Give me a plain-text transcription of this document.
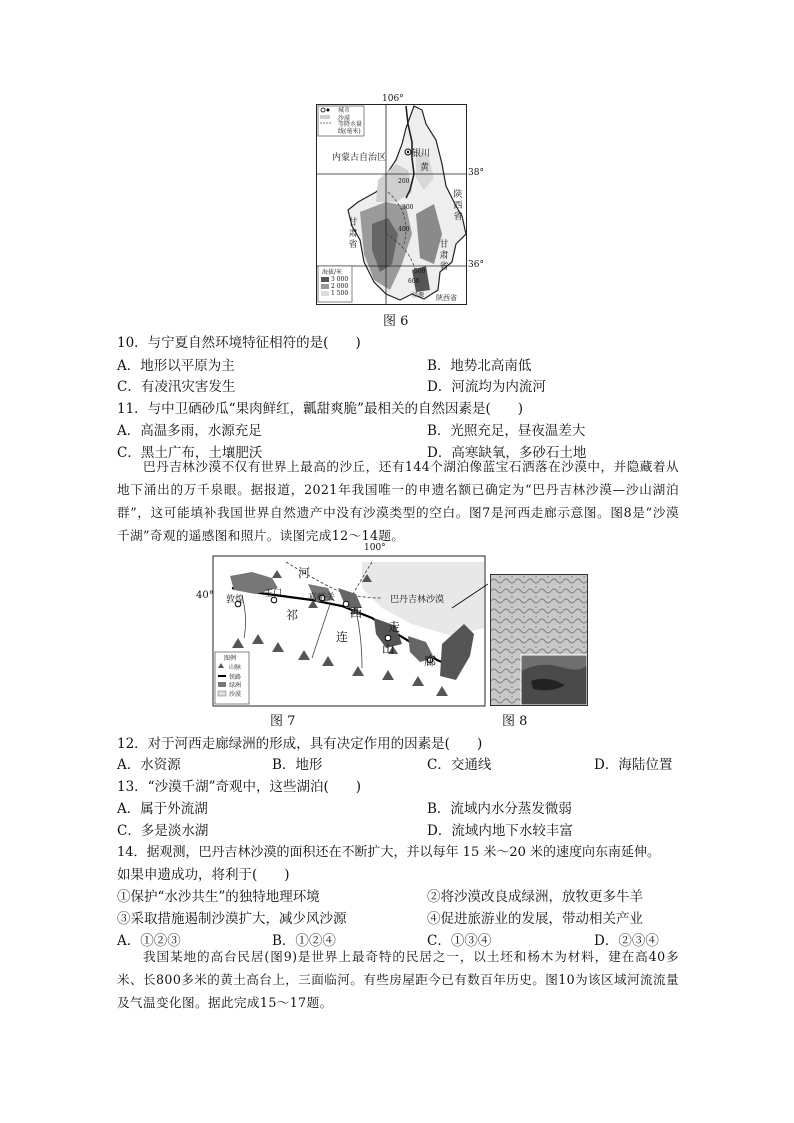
106°
38°
36°
城市
沙漠
等降水量线(毫米)
内蒙古自治区	银川
黄
陕西省
甘肃省	甘肃省
陕西省
海拔/米
3 000
2 000
1 500
200
300
400
500
600
泾源
图 6
10．与宁夏自然环境特征相符的是(　　)
A．地形以平原为主	B．地势北高南低
C．有凌汛灾害发生	D．河流均为内流河
11．与中卫硒砂瓜“果肉鲜红，瓤甜爽脆”最相关的自然因素是(　　)
A．高温多雨，水源充足	B．光照充足，昼夜温差大
C．黑土广布，土壤肥沃	D．高寒缺氧，多砂石土地

巴丹吉林沙漠不仅有世界上最高的沙丘，还有144个湖泊像蓝宝石洒落在沙漠中，并隐藏着从地下涌出的万千泉眼。据报道，2021年我国唯一的申遗名额已确定为“巴丹吉林沙漠—沙山湖泊群”，这可能填补我国世界自然遗产中没有沙漠类型的空白。图7是河西走廊示意图。图8是“沙漠千湖”奇观的遥感图和照片。读图完成12～14题。

100°
敦煌
玉门
河
嘉峪关
西
祁
连
走
山
廊
巴丹吉林沙漠
图例
山脉
铁路
绿洲
沙漠
40°
图 7	图 8
12．对于河西走廊绿洲的形成，具有决定作用的因素是(　　)
A．水资源	B．地形	C．交通线	D．海陆位置
13．“沙漠千湖”奇观中，这些湖泊(　　)
A．属于外流湖	B．流域内水分蒸发微弱
C．多是淡水湖	D．流域内地下水较丰富
14．据观测，巴丹吉林沙漠的面积还在不断扩大，并以每年 15 米～20 米的速度向东南延伸。
如果申遗成功，将利于(　　)
①保护“水沙共生”的独特地理环境	②将沙漠改良成绿洲，放牧更多牛羊
③采取措施遏制沙漠扩大，减少风沙源	④促进旅游业的发展，带动相关产业
A．①②③	B．①②④	C．①③④	D．②③④

我国某地的高台民居(图9)是世界上最奇特的民居之一，以土坯和杨木为材料，建在高40多米、长800多米的黄土高台上，三面临河。有些房屋距今已有数百年历史。图10为该区域河流流量及气温变化图。据此完成15～17题。
